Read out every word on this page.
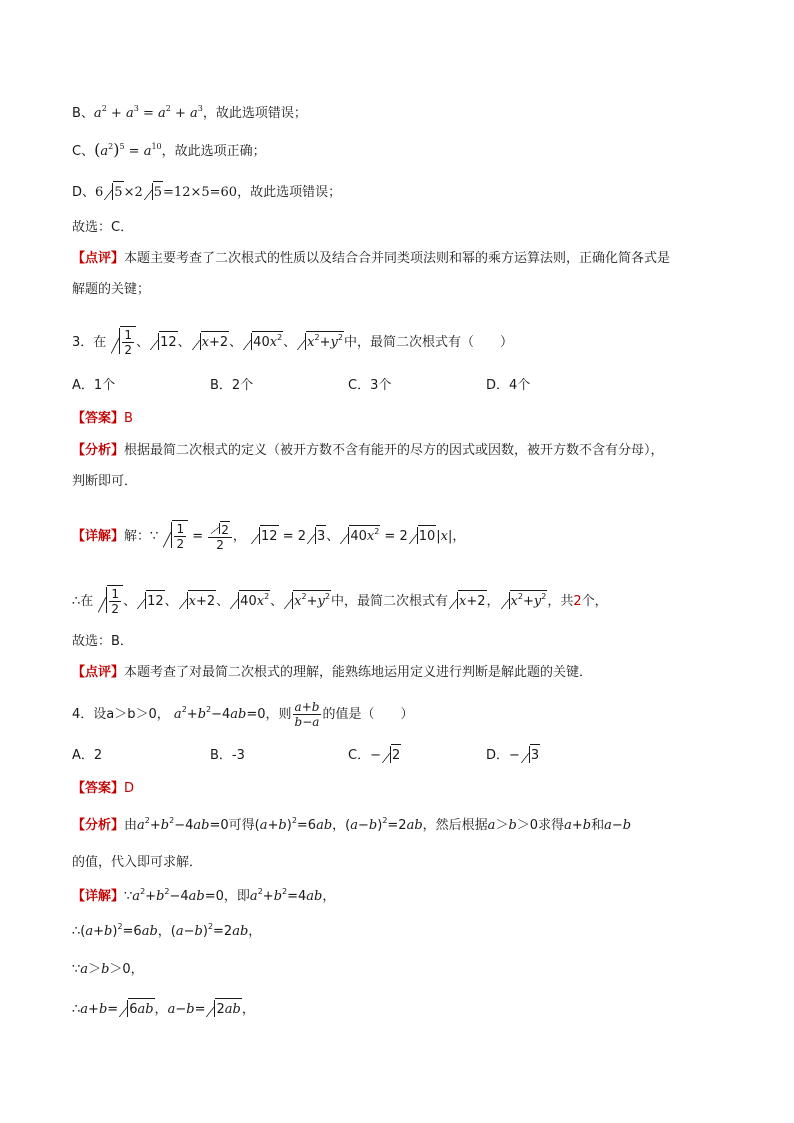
B、$a^2 + a^3 = a^2 + a^3$，故此选项错误；
C、$(a^2)^5 = a^{10}$，故此选项正确；
D、6 5×2 5=12×5=60，故此选项错误；
故选：C．
【点评】本题主要考查了二次根式的性质以及结合合并同类项法则和幂的乘方运算法则，正确化简各式是
解题的关键；
3．在 $\frac{1}{2}$ 、 12、 x+2、 $40x^2$、 $x^2+y^2$中，最简二次根式有（　　）
A．1个	B．2个	C．3个	D．4个
【答案】B
【分析】根据最简二次根式的定义（被开方数不含有能开的尽方的因式或因数，被开方数不含有分母），
判断即可．
【详解】解：∵ $\frac{1}{2} = \frac{2}{2}$ ， 12 = 2 3、 $40x^2 = 2$ 10|x|，
∴在 $\frac{1}{2}$ 、 12、 x+2、 $40x^2$、 $x^2+y^2$中，最简二次根式有 x+2， $x^2+y^2$，共2个，
故选：B．
【点评】本题考查了对最简二次根式的理解，能熟练地运用定义进行判断是解此题的关键．
4．设a＞b＞0， $a^2+b^2-4ab=0$，则 $\frac{a+b}{b-a}$ 的值是（　　）
A．2	B．-3	C．− 2	D．− 3
【答案】D
【分析】由$a^2+b^2-4ab=0$可得$(a+b)^2=6ab$，$(a-b)^2=2ab$，然后根据a＞b＞0求得a+b和a−b
的值，代入即可求解．
【详解】$\because a^2+b^2-4ab=0$，即$a^2+b^2=4ab$，
$\therefore(a+b)^2=6ab$，$(a-b)^2=2ab$，
∵a＞b＞0，
∴a+b= 6ab，a−b= 2ab，
